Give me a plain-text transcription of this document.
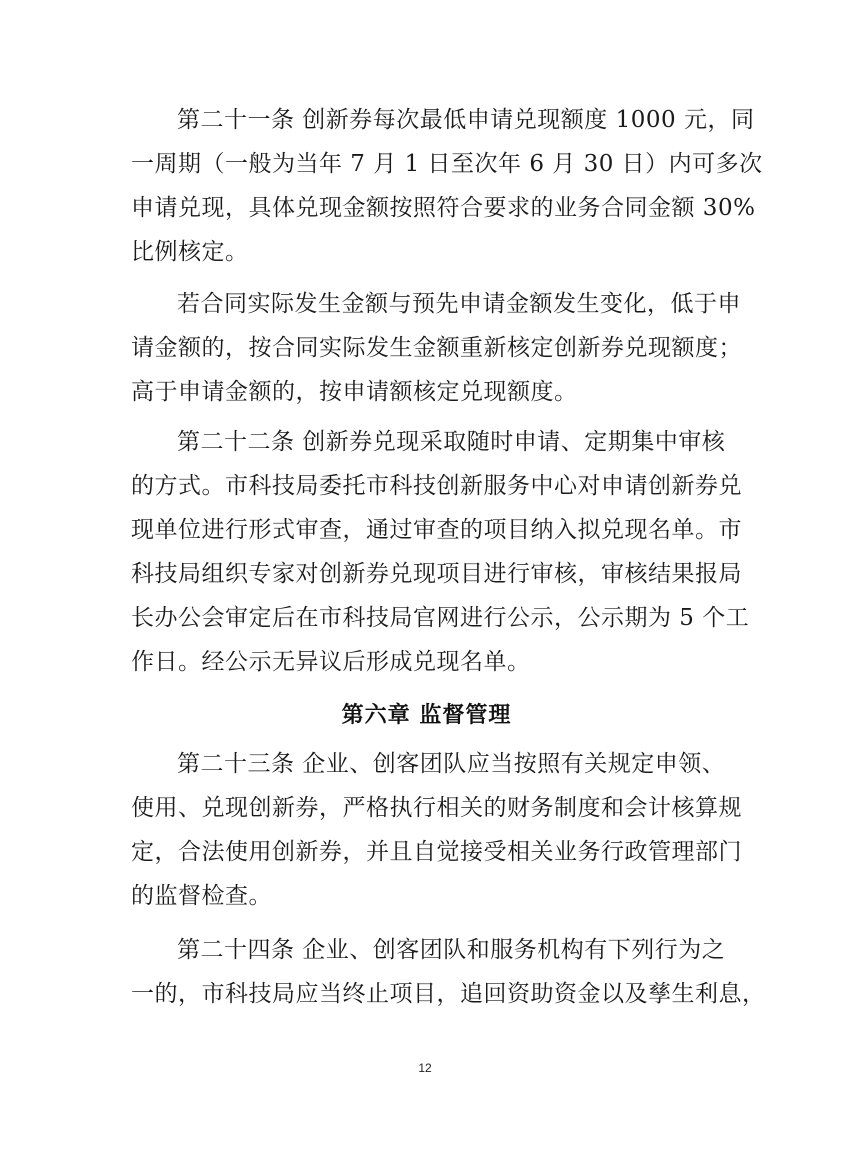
第二十一条 创新券每次最低申请兑现额度 1000 元，同
一周期（一般为当年 7 月 1 日至次年 6 月 30 日）内可多次
申请兑现，具体兑现金额按照符合要求的业务合同金额 30%
比例核定。
若合同实际发生金额与预先申请金额发生变化，低于申
请金额的，按合同实际发生金额重新核定创新券兑现额度；
高于申请金额的，按申请额核定兑现额度。
第二十二条 创新券兑现采取随时申请、定期集中审核
的方式。市科技局委托市科技创新服务中心对申请创新券兑
现单位进行形式审查，通过审查的项目纳入拟兑现名单。市
科技局组织专家对创新券兑现项目进行审核，审核结果报局
长办公会审定后在市科技局官网进行公示，公示期为 5 个工
作日。经公示无异议后形成兑现名单。
第六章 监督管理
第二十三条 企业、创客团队应当按照有关规定申领、
使用、兑现创新券，严格执行相关的财务制度和会计核算规
定，合法使用创新券，并且自觉接受相关业务行政管理部门
的监督检查。
第二十四条 企业、创客团队和服务机构有下列行为之
一的，市科技局应当终止项目，追回资助资金以及孳生利息，
12
